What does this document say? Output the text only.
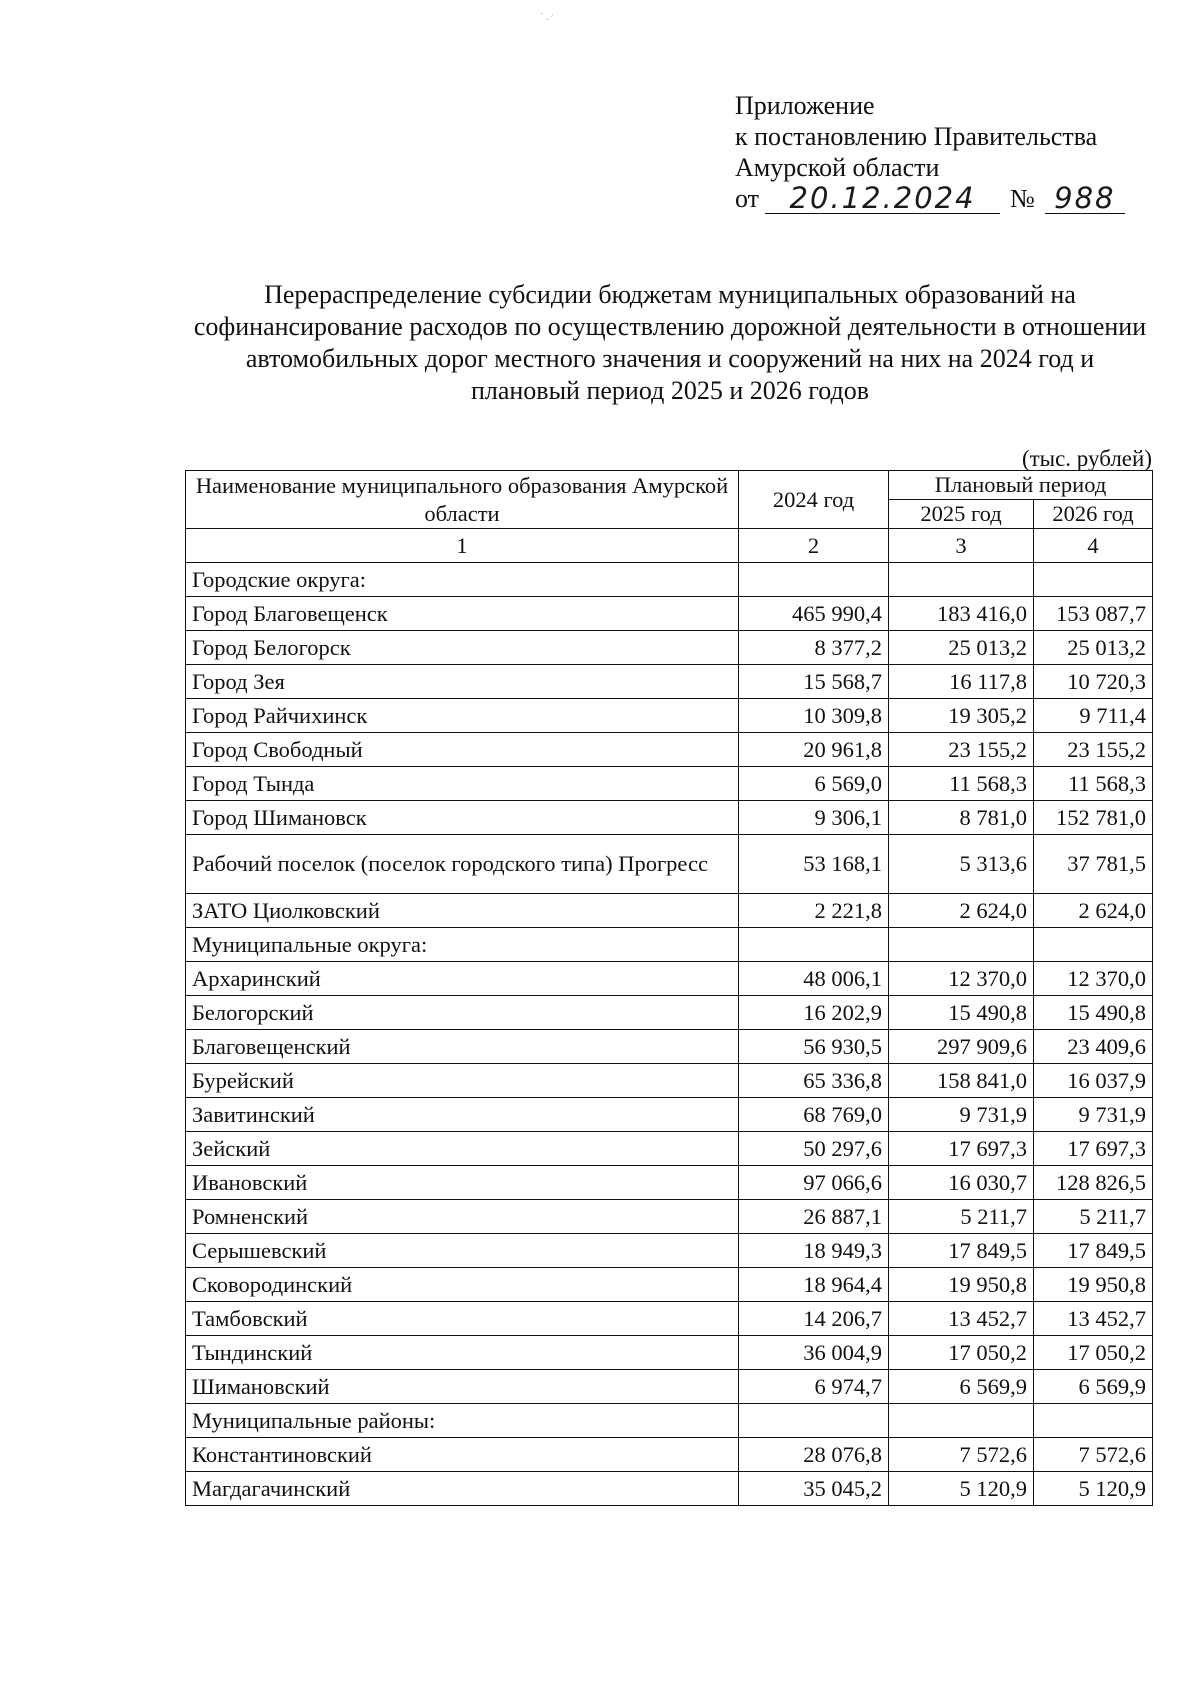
˙ . ׳
Приложение
к постановлению Правительства
Амурской области
от	20.12.2024	№ 988
Перераспределение субсидии бюджетам муниципальных образований на софинансирование расходов по осуществлению дорожной деятельности в отношении автомобильных дорог местного значения и сооружений на них на 2024 год и плановый период 2025 и 2026 годов
(тыс. рублей)
Наименование муниципального образования Амурской области	2024 год	Плановый период	
		2025 год	2026 год
1	2	3	4
Городские округа:			
Город Благовещенск	465 990,4	183 416,0	153 087,7
Город Белогорск	8 377,2	25 013,2	25 013,2
Город Зея	15 568,7	16 117,8	10 720,3
Город Райчихинск	10 309,8	19 305,2	9 711,4
Город Свободный	20 961,8	23 155,2	23 155,2
Город Тында	6 569,0	11 568,3	11 568,3
Город Шимановск	9 306,1	8 781,0	152 781,0
Рабочий поселок (поселок городского типа) Прогресс	53 168,1	5 313,6	37 781,5
ЗАТО Циолковский	2 221,8	2 624,0	2 624,0
Муниципальные округа:			
Архаринский	48 006,1	12 370,0	12 370,0
Белогорский	16 202,9	15 490,8	15 490,8
Благовещенский	56 930,5	297 909,6	23 409,6
Бурейский	65 336,8	158 841,0	16 037,9
Завитинский	68 769,0	9 731,9	9 731,9
Зейский	50 297,6	17 697,3	17 697,3
Ивановский	97 066,6	16 030,7	128 826,5
Ромненский	26 887,1	5 211,7	5 211,7
Серышевский	18 949,3	17 849,5	17 849,5
Сковородинский	18 964,4	19 950,8	19 950,8
Тамбовский	14 206,7	13 452,7	13 452,7
Тындинский	36 004,9	17 050,2	17 050,2
Шимановский	6 974,7	6 569,9	6 569,9
Муниципальные районы:			
Константиновский	28 076,8	7 572,6	7 572,6
Магдагачинский	35 045,2	5 120,9	5 120,9
